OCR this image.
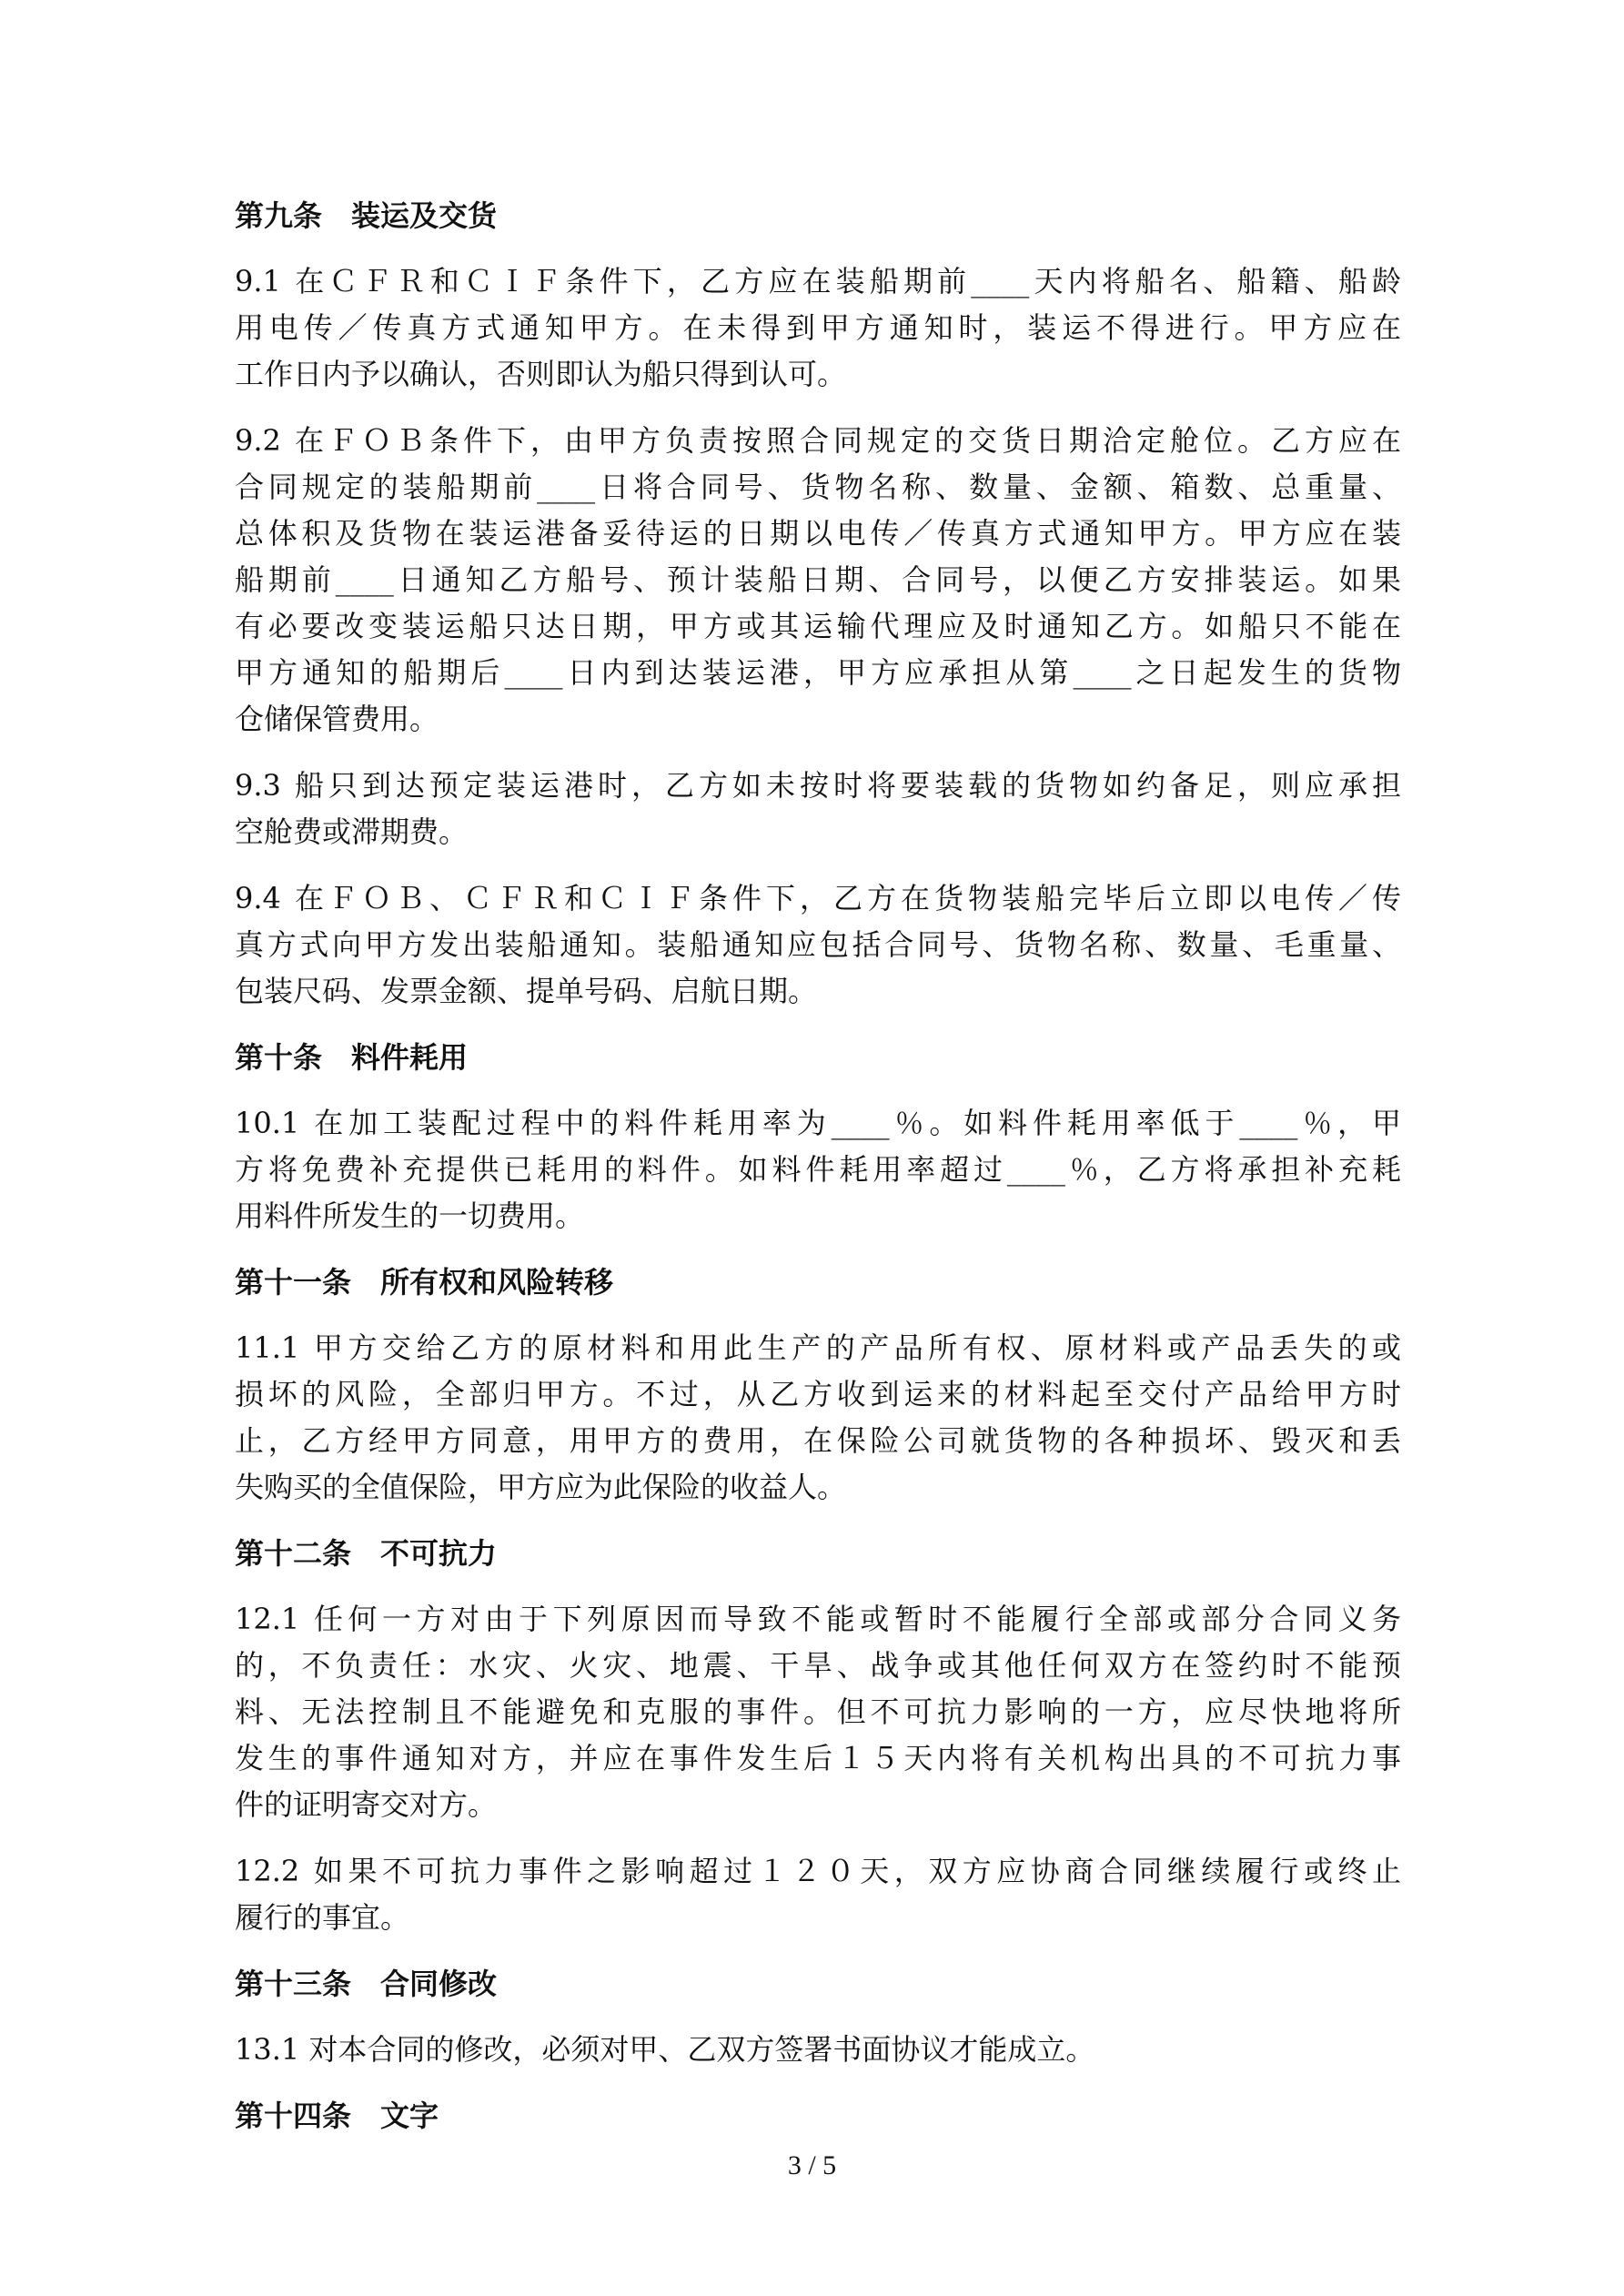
第九条　装运及交货
9.1 在ＣＦＲ和ＣＩＦ条件下，乙方应在装船期前____天内将船名、船籍、船龄
用电传／传真方式通知甲方。在未得到甲方通知时，装运不得进行。甲方应在
工作日内予以确认，否则即认为船只得到认可。
9.2 在ＦＯＢ条件下，由甲方负责按照合同规定的交货日期洽定舱位。乙方应在
合同规定的装船期前____日将合同号、货物名称、数量、金额、箱数、总重量、
总体积及货物在装运港备妥待运的日期以电传／传真方式通知甲方。甲方应在装
船期前____日通知乙方船号、预计装船日期、合同号，以便乙方安排装运。如果
有必要改变装运船只达日期，甲方或其运输代理应及时通知乙方。如船只不能在
甲方通知的船期后____日内到达装运港，甲方应承担从第____之日起发生的货物
仓储保管费用。
9.3 船只到达预定装运港时，乙方如未按时将要装载的货物如约备足，则应承担
空舱费或滞期费。
9.4 在ＦＯＢ、ＣＦＲ和ＣＩＦ条件下，乙方在货物装船完毕后立即以电传／传
真方式向甲方发出装船通知。装船通知应包括合同号、货物名称、数量、毛重量、
包装尺码、发票金额、提单号码、启航日期。
第十条　料件耗用
10.1 在加工装配过程中的料件耗用率为____％。如料件耗用率低于____％，甲
方将免费补充提供已耗用的料件。如料件耗用率超过____％，乙方将承担补充耗
用料件所发生的一切费用。
第十一条　所有权和风险转移
11.1 甲方交给乙方的原材料和用此生产的产品所有权、原材料或产品丢失的或
损坏的风险，全部归甲方。不过，从乙方收到运来的材料起至交付产品给甲方时
止，乙方经甲方同意，用甲方的费用，在保险公司就货物的各种损坏、毁灭和丢
失购买的全值保险，甲方应为此保险的收益人。
第十二条　不可抗力
12.1 任何一方对由于下列原因而导致不能或暂时不能履行全部或部分合同义务
的，不负责任：水灾、火灾、地震、干旱、战争或其他任何双方在签约时不能预
料、无法控制且不能避免和克服的事件。但不可抗力影响的一方，应尽快地将所
发生的事件通知对方，并应在事件发生后１５天内将有关机构出具的不可抗力事
件的证明寄交对方。
12.2 如果不可抗力事件之影响超过１２０天，双方应协商合同继续履行或终止
履行的事宜。
第十三条　合同修改
13.1 对本合同的修改，必须对甲、乙双方签署书面协议才能成立。
第十四条　文字
3 / 5
